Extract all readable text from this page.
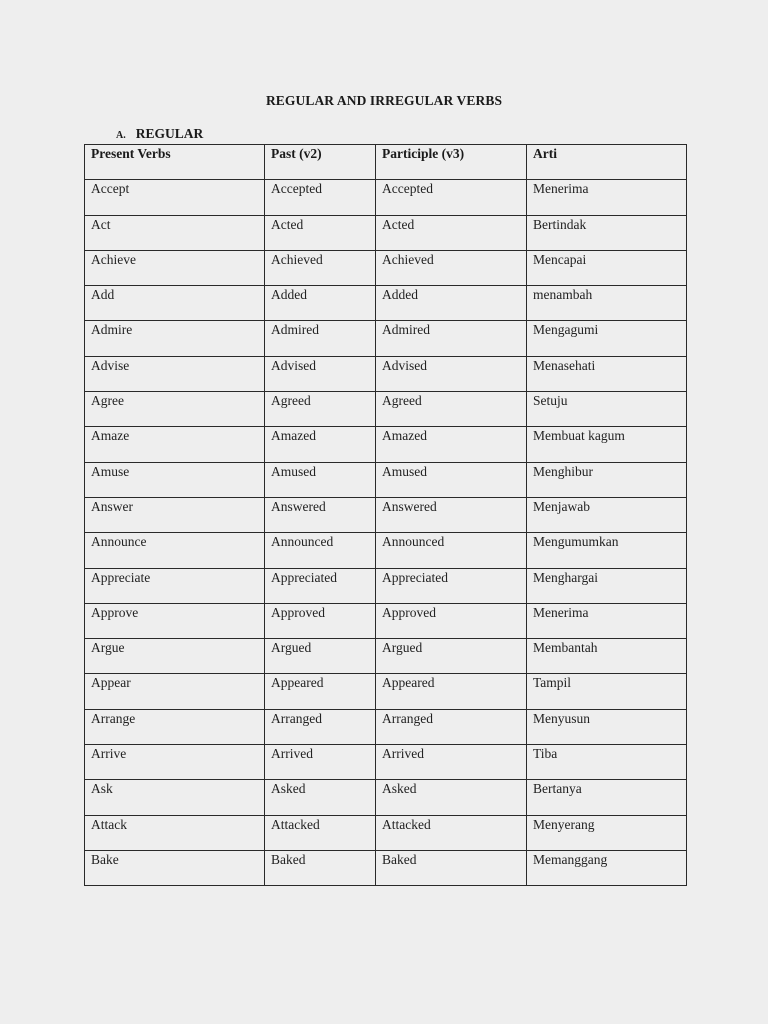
REGULAR AND IRREGULAR VERBS
A. REGULAR
Present Verbs	Past (v2)	Participle (v3)	Arti
Accept	Accepted	Accepted	Menerima
Act	Acted	Acted	Bertindak
Achieve	Achieved	Achieved	Mencapai
Add	Added	Added	menambah
Admire	Admired	Admired	Mengagumi
Advise	Advised	Advised	Menasehati
Agree	Agreed	Agreed	Setuju
Amaze	Amazed	Amazed	Membuat kagum
Amuse	Amused	Amused	Menghibur
Answer	Answered	Answered	Menjawab
Announce	Announced	Announced	Mengumumkan
Appreciate	Appreciated	Appreciated	Menghargai
Approve	Approved	Approved	Menerima
Argue	Argued	Argued	Membantah
Appear	Appeared	Appeared	Tampil
Arrange	Arranged	Arranged	Menyusun
Arrive	Arrived	Arrived	Tiba
Ask	Asked	Asked	Bertanya
Attack	Attacked	Attacked	Menyerang
Bake	Baked	Baked	Memanggang
